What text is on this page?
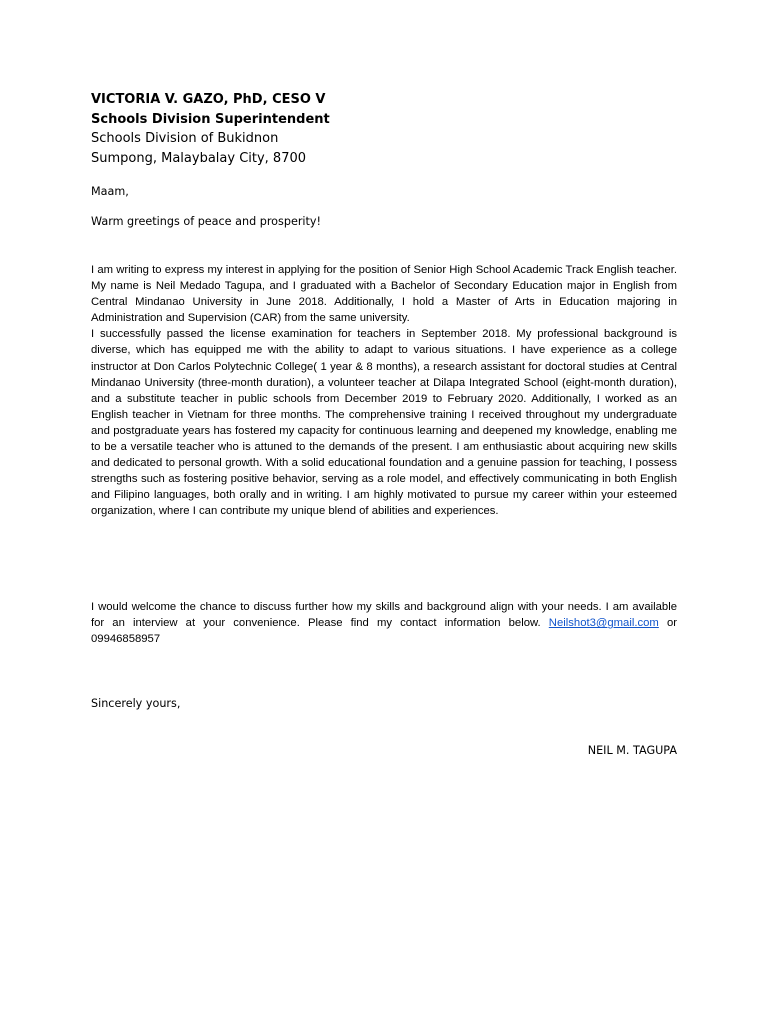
VICTORIA V. GAZO, PhD, CESO V
Schools Division Superintendent
Schools Division of Bukidnon
Sumpong, Malaybalay City, 8700
Maam,
Warm greetings of peace and prosperity!

I am writing to express my interest in applying for the position of Senior High School Academic Track English teacher. My name is Neil Medado Tagupa, and I graduated with a Bachelor of Secondary Education major in English from Central Mindanao University in June 2018. Additionally, I hold a Master of Arts in Education majoring in Administration and Supervision (CAR) from the same university.

I successfully passed the license examination for teachers in September 2018. My professional background is diverse, which has equipped me with the ability to adapt to various situations. I have experience as a college instructor at Don Carlos Polytechnic College( 1 year & 8 months), a research assistant for doctoral studies at Central Mindanao University (three-month duration), a volunteer teacher at Dilapa Integrated School (eight-month duration), and a substitute teacher in public schools from December 2019 to February 2020. Additionally, I worked as an English teacher in Vietnam for three months. The comprehensive training I received throughout my undergraduate and postgraduate years has fostered my capacity for continuous learning and deepened my knowledge, enabling me to be a versatile teacher who is attuned to the demands of the present. I am enthusiastic about acquiring new skills and dedicated to personal growth. With a solid educational foundation and a genuine passion for teaching, I possess strengths such as fostering positive behavior, serving as a role model, and effectively communicating in both English and Filipino languages, both orally and in writing. I am highly motivated to pursue my career within your esteemed organization, where I can contribute my unique blend of abilities and experiences.

I would welcome the chance to discuss further how my skills and background align with your needs. I am available for an interview at your convenience. Please find my contact information below. Neilshot3@gmail.com or 09946858957
Sincerely yours,
NEIL M. TAGUPA
